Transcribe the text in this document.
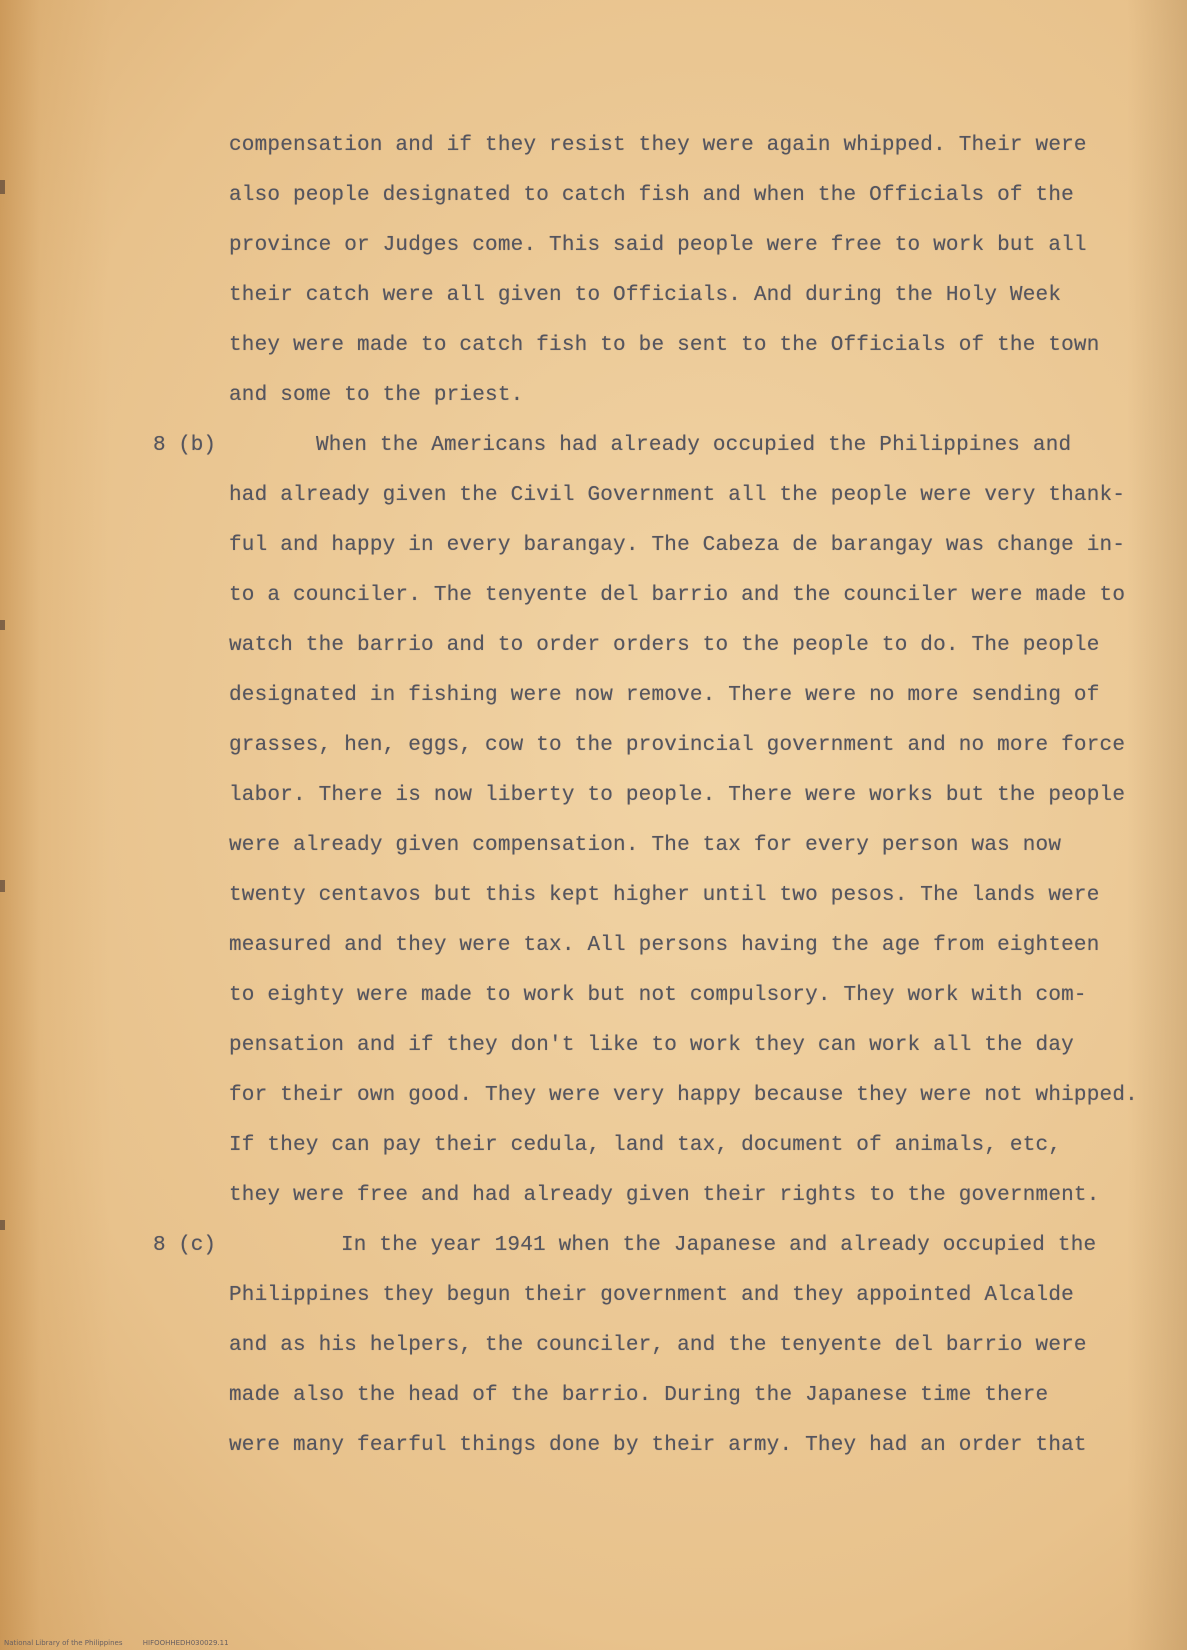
compensation and if they resist they were again whipped. Their were
also people designated to catch fish and when the Officials of the
province or Judges come. This said people were free to work but all
their catch were all given to Officials. And during the Holy Week
they were made to catch fish to be sent to the Officials of the town
and some to the priest.
8 (b)	When the Americans had already occupied the Philippines and
had already given the Civil Government all the people were very thank-
ful and happy in every barangay. The Cabeza de barangay was change in-
to a counciler. The tenyente del barrio and the counciler were made to
watch the barrio and to order orders to the people to do. The people
designated in fishing were now remove. There were no more sending of
grasses, hen, eggs, cow to the provincial government and no more force
labor. There is now liberty to people. There were works but the people
were already given compensation. The tax for every person was now
twenty centavos but this kept higher until two pesos. The lands were
measured and they were tax. All persons having the age from eighteen
to eighty were made to work but not compulsory. They work with com-
pensation and if they don't like to work they can work all the day
for their own good. They were very happy because they were not whipped.
If they can pay their cedula, land tax, document of animals, etc,
they were free and had already given their rights to the government.
8 (c)	In the year 1941 when the Japanese and already occupied the
Philippines they begun their government and they appointed Alcalde
and as his helpers, the counciler, and the tenyente del barrio were
made also the head of the barrio. During the Japanese time there
were many fearful things done by their army. They had an order that
National Library of the Philippines	HIFOOHHEDH030029.11
